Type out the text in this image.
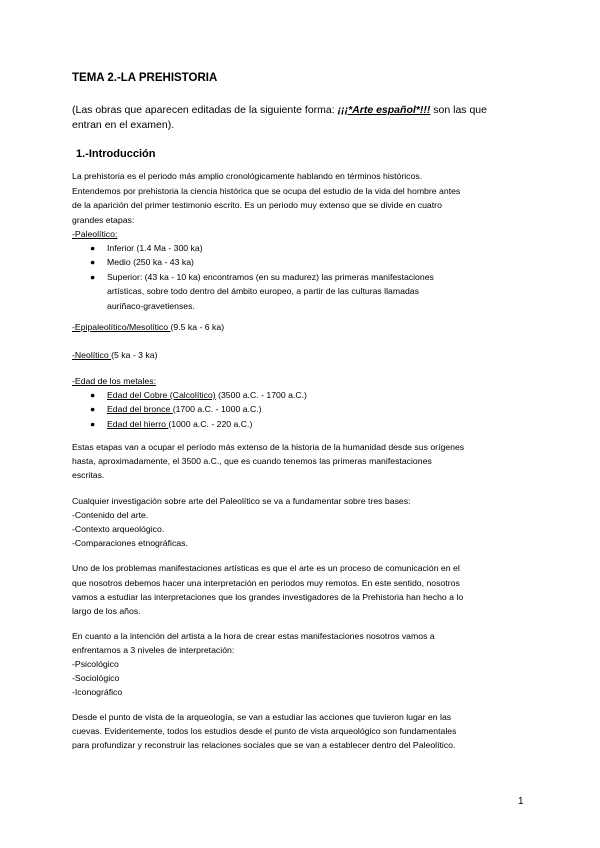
TEMA 2.-LA PREHISTORIA
(Las obras que aparecen editadas de la siguiente forma: ¡¡¡*Arte español*!!! son las que
entran en el examen).
1.-Introducción
La prehistoria es el periodo más amplio cronológicamente hablando en términos históricos.
Entendemos por prehistoria la ciencia histórica que se ocupa del estudio de la vida del hombre antes
de la aparición del primer testimonio escrito. Es un periodo muy extenso que se divide en cuatro
grandes etapas:
-Paleolítico:
● Inferior (1.4 Ma - 300 ka)
● Medio (250 ka - 43 ka)
● Superior: (43 ka - 10 ka) encontramos (en su madurez) las primeras manifestaciones
artísticas, sobre todo dentro del ámbito europeo, a partir de las culturas llamadas
auriñaco-gravetienses.
-Epipaleolítico/Mesolítico (9.5 ka - 6 ka)
-Neolítico (5 ka - 3 ka)
-Edad de los metales:
● Edad del Cobre (Calcolítico) (3500 a.C. - 1700 a.C.)
● Edad del bronce (1700 a.C. - 1000 a.C.)
● Edad del hierro (1000 a.C. - 220 a.C.)
Estas etapas van a ocupar el período más extenso de la historia de la humanidad desde sus orígenes
hasta, aproximadamente, el 3500 a.C., que es cuando tenemos las primeras manifestaciones
escritas.
Cualquier investigación sobre arte del Paleolítico se va a fundamentar sobre tres bases:
-Contenido del arte.
-Contexto arqueológico.
-Comparaciones etnográficas.
Uno de los problemas manifestaciones artísticas es que el arte es un proceso de comunicación en el
que nosotros debemos hacer una interpretación en periodos muy remotos. En este sentido, nosotros
vamos a estudiar las interpretaciones que los grandes investigadores de la Prehistoria han hecho a lo
largo de los años.
En cuanto a la intención del artista a la hora de crear estas manifestaciones nosotros vamos a
enfrentarnos a 3 niveles de interpretación:
-Psicológico
-Sociológico
-Iconográfico
Desde el punto de vista de la arqueología, se van a estudiar las acciones que tuvieron lugar en las
cuevas. Evidentemente, todos los estudios desde el punto de vista arqueológico son fundamentales
para profundizar y reconstruir las relaciones sociales que se van a establecer dentro del Paleolítico.
1
